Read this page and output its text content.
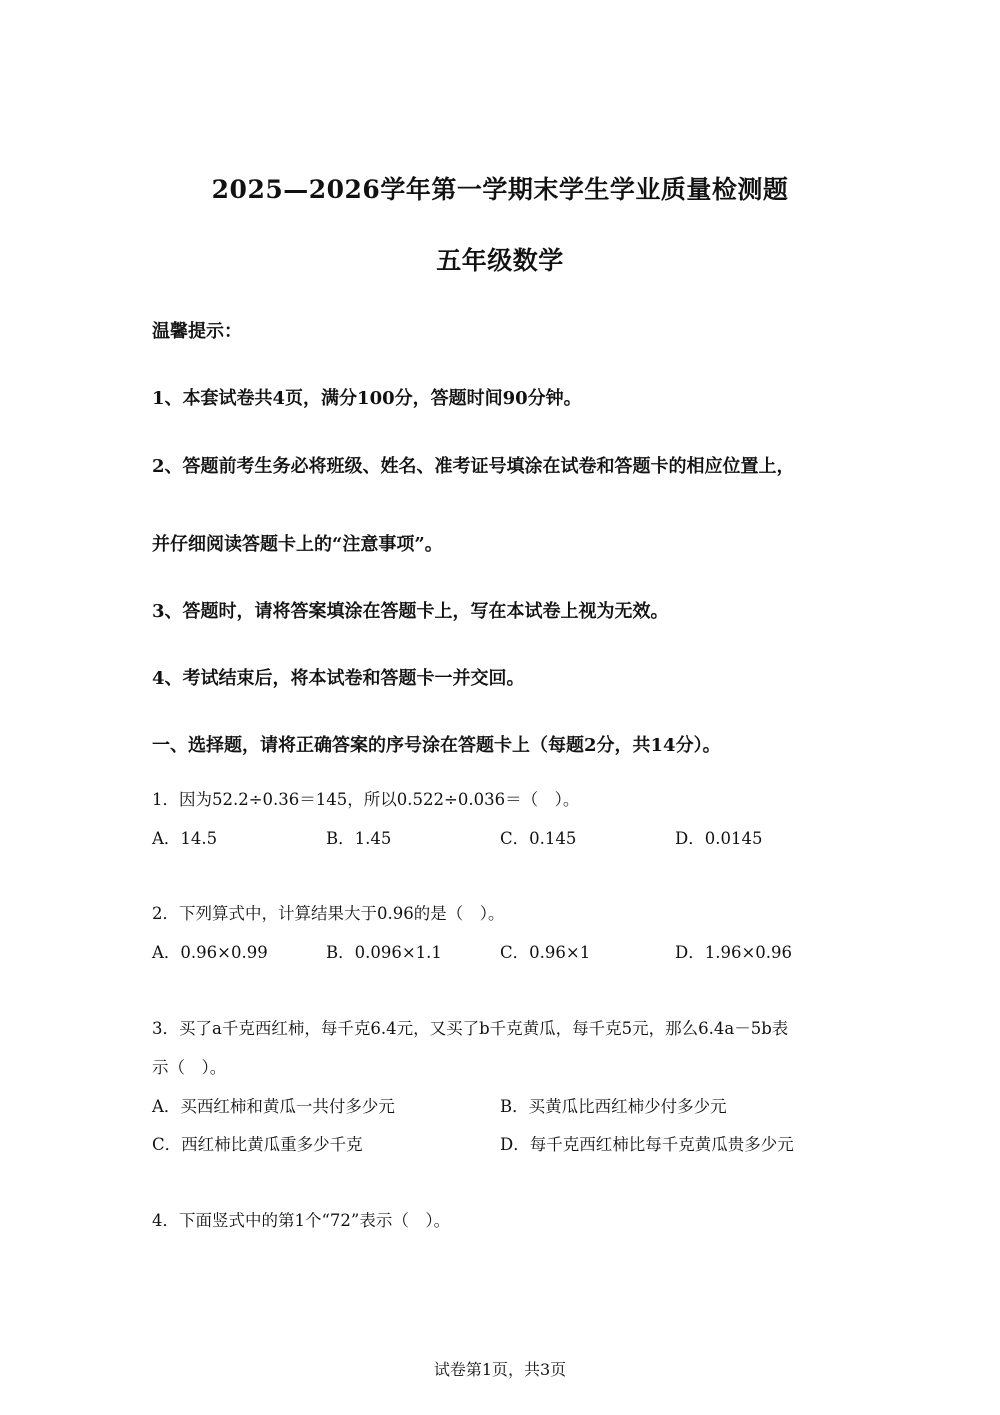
2025—2026学年第一学期末学生学业质量检测题
五年级数学
温馨提示：
1、本套试卷共4页，满分100分，答题时间90分钟。
2、答题前考生务必将班级、姓名、准考证号填涂在试卷和答题卡的相应位置上，
并仔细阅读答题卡上的“注意事项”。
3、答题时，请将答案填涂在答题卡上，写在本试卷上视为无效。
4、考试结束后，将本试卷和答题卡一并交回。
一、选择题，请将正确答案的序号涂在答题卡上（每题2分，共14分）。
1．因为52.2÷0.36＝145，所以0.522÷0.036＝（　）。
A．14.5	B．1.45	C．0.145	D．0.0145
2．下列算式中，计算结果大于0.96的是（　）。
A．0.96×0.99	B．0.096×1.1	C．0.96×1	D．1.96×0.96
3．买了a千克西红柿，每千克6.4元，又买了b千克黄瓜，每千克5元，那么6.4a－5b表
示（　）。
A．买西红柿和黄瓜一共付多少元	B．买黄瓜比西红柿少付多少元
C．西红柿比黄瓜重多少千克	D．每千克西红柿比每千克黄瓜贵多少元
4．下面竖式中的第1个“72”表示（　）。
试卷第1页，共3页
